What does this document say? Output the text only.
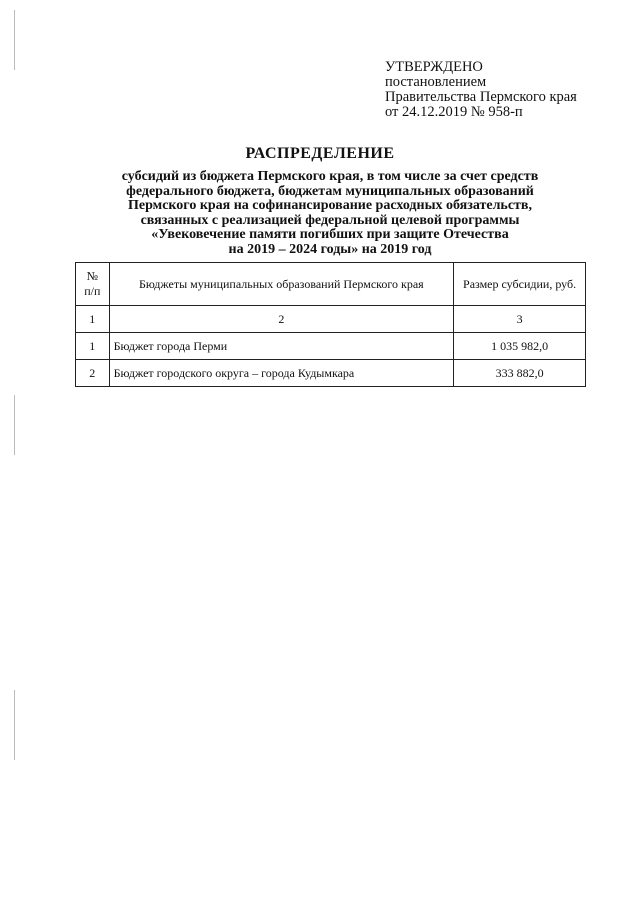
УТВЕРЖДЕНО
постановлением
Правительства Пермского края
от 24.12.2019 № 958-п
РАСПРЕДЕЛЕНИЕ
субсидий из бюджета Пермского края, в том числе за счет средств
федерального бюджета, бюджетам муниципальных образований
Пермского края на софинансирование расходных обязательств,
связанных с реализацией федеральной целевой программы
«Увековечение памяти погибших при защите Отечества
на 2019 – 2024 годы» на 2019 год
№
п/п	Бюджеты муниципальных образований Пермского края	Размер субсидии, руб.
1	2	3
1	Бюджет города Перми	1 035 982,0
2	Бюджет городского округа – города Кудымкара	333 882,0
